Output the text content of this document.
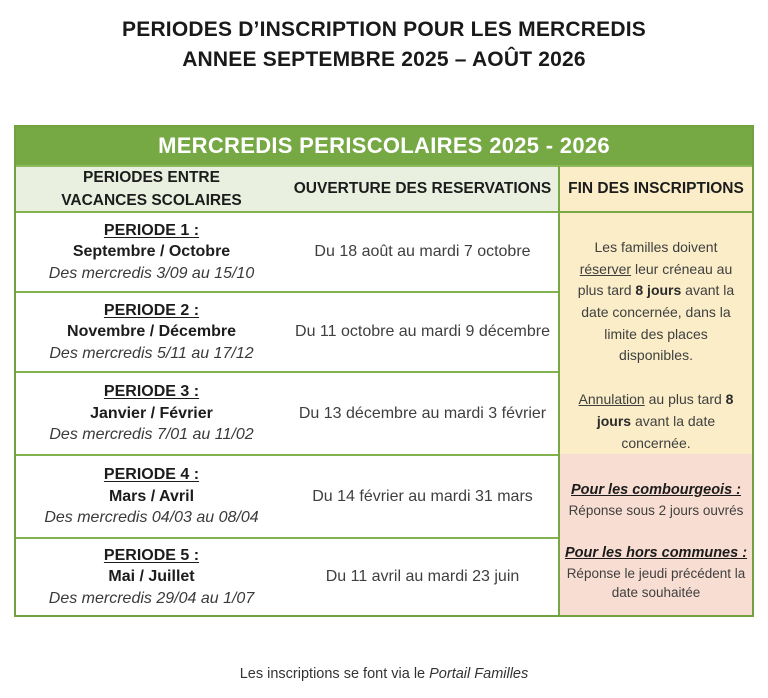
PERIODES D’INSCRIPTION POUR LES MERCREDIS
ANNEE SEPTEMBRE 2025 – AOÛT 2026
MERCREDIS PERISCOLAIRES 2025 - 2026
PERIODES ENTRE VACANCES SCOLAIRES
OUVERTURE DES RESERVATIONS	FIN DES INSCRIPTIONS
PERIODE 1 :
Septembre / Octobre
Des mercredis 3/09 au 15/10
Du 18 août au mardi 7 octobre
PERIODE 2 :
Novembre / Décembre
Des mercredis 5/11 au 17/12
Du 11 octobre au mardi 9 décembre
PERIODE 3 :
Janvier / Février
Des mercredis 7/01 au 11/02
Du 13 décembre au mardi 3 février
PERIODE 4 :
Mars / Avril
Des mercredis 04/03 au 08/04
Du 14 février au mardi 31 mars
PERIODE 5 :
Mai / Juillet
Des mercredis 29/04 au 1/07
Du 11 avril au mardi 23 juin

Les familles doivent réserver leur créneau au plus tard 8 jours avant la date concernée, dans la limite des places disponibles.

Annulation au plus tard 8 jours avant la date concernée.

Pour les combourgeois :

Réponse sous 2 jours ouvrés

Pour les hors communes :

Réponse le jeudi précédent la date souhaitée

Les inscriptions se font via le Portail Familles
